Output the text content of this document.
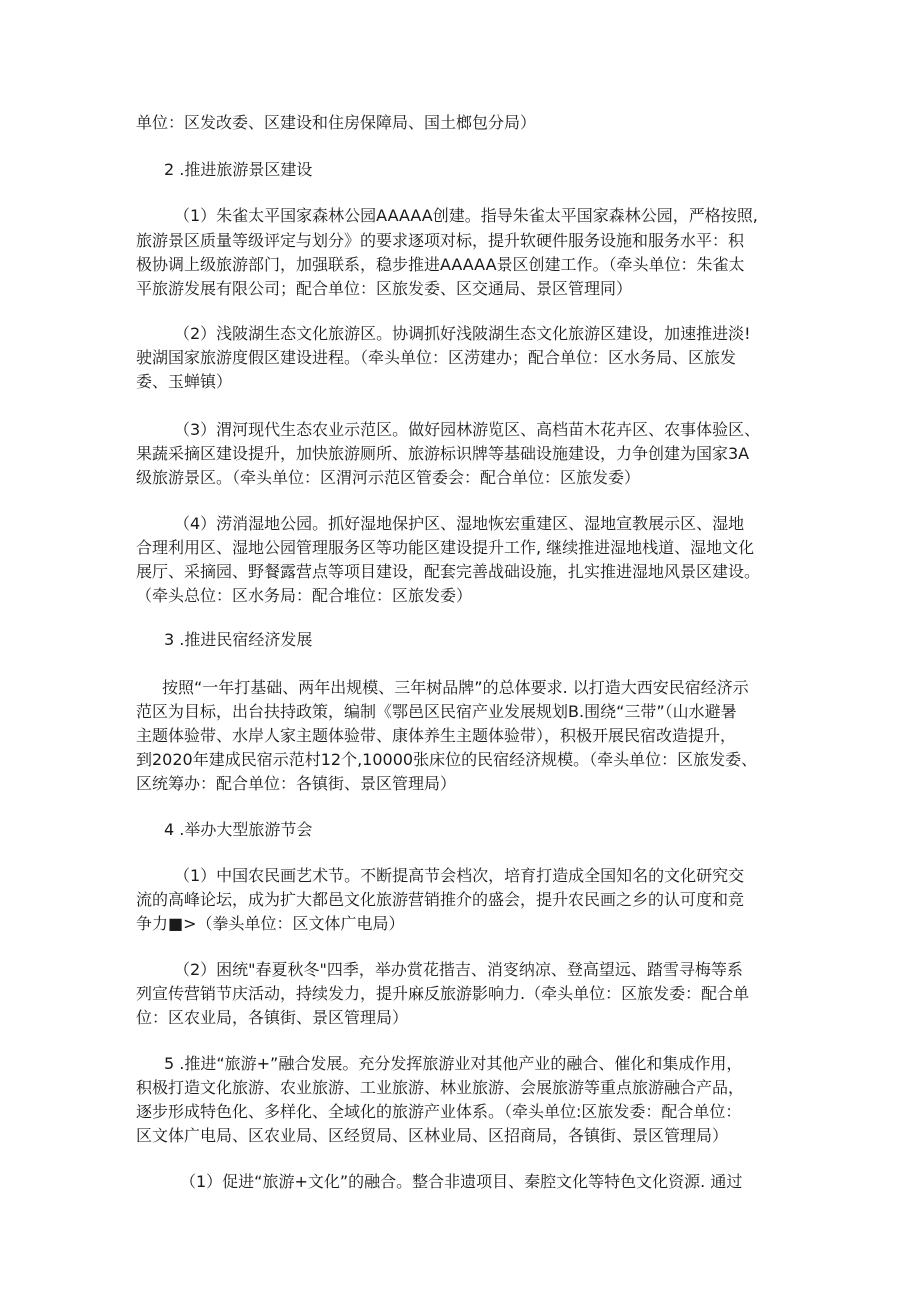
单位：区发改委、区建设和住房保障局、国土榔包分局）

2 .推进旅游景区建设

（1）朱雀太平国家森林公园AAAAA创建。指导朱雀太平国家森林公园，严格按照,

旅游景区质量等级评定与划分》的要求逐项对标，提升软硬件服务设施和服务水平：积

极协调上级旅游部门，加强联系，稳步推进AAAAA景区创建工作。（牵头单位：朱雀太

平旅游发展有限公司；配合单位：区旅发委、区交通局、景区管理同）

（2）浅陂湖生态文化旅游区。协调抓好浅陂湖生态文化旅游区建设，加速推进淡!

驶湖国家旅游度假区建设进程。（牵头单位：区涝建办；配合单位：区水务局、区旅发

委、玉蝉镇）

（3）渭河现代生态农业示范区。做好园林游览区、高档苗木花卉区、农事体验区、

果蔬采摘区建设提升，加快旅游厕所、旅游标识牌等基础设施建设，力争创建为国家3A

级旅游景区。（牵头单位：区渭河示范区管委会：配合单位：区旅发委）

（4）涝消湿地公园。抓好湿地保护区、湿地恢宏重建区、湿地宣教展示区、湿地

合理利用区、湿地公园管理服务区等功能区建设提升工作, 继续推进湿地栈道、湿地文化

展厅、采摘园、野餐露营点等项目建设，配套完善战础设施，扎实推进湿地风景区建设。

（牵头总位：区水务局：配合堆位：区旅发委）

3 .推进民宿经济发展

按照“一年打基础、两年出规模、三年树品牌”的总体要求. 以打造大西安民宿经济示

范区为目标，出台扶持政策，编制《鄂邑区民宿产业发展规划B.围绕“三带”（山水避暑

主题体验带、水岸人家主题体验带、康体养生主题体验带），积极开展民宿改造提升，

到2020年建成民宿示范村12个,10000张床位的民宿经济规模。（牵头单位：区旅发委、

区统筹办：配合单位：各镇街、景区管理局）

4 .举办大型旅游节会

（1）中国农民画艺术节。不断提高节会档次，培育打造成全国知名的文化研究交

流的高峰论坛，成为扩大都邑文化旅游营销推介的盛会，提升农民画之乡的认可度和竞

争力■>（拳头单位：区文体广电局）

（2）困统"春夏秋冬"四季，举办赏花揩吉、消叜纳凉、登高望远、踏雪寻梅等系

列宣传营销节庆活动，持续发力，提升麻反旅游影响力.（牵头单位：区旅发委：配合单

位：区农业局，各镇街、景区管理局）

5 .推进“旅游+”融合发展。充分发挥旅游业对其他产业的融合、催化和集成作用，

积极打造文化旅游、农业旅游、工业旅游、林业旅游、会展旅游等重点旅游融合产品，

逐步形成特色化、多样化、全域化的旅游产业体系。（牵头单位:区旅发委：配合单位：

区文体广电局、区农业局、区经贸局、区林业局、区招商局，各镇街、景区管理局）

（1）促进“旅游+文化”的融合。整合非遗项目、秦腔文化等特色文化资源. 通过
